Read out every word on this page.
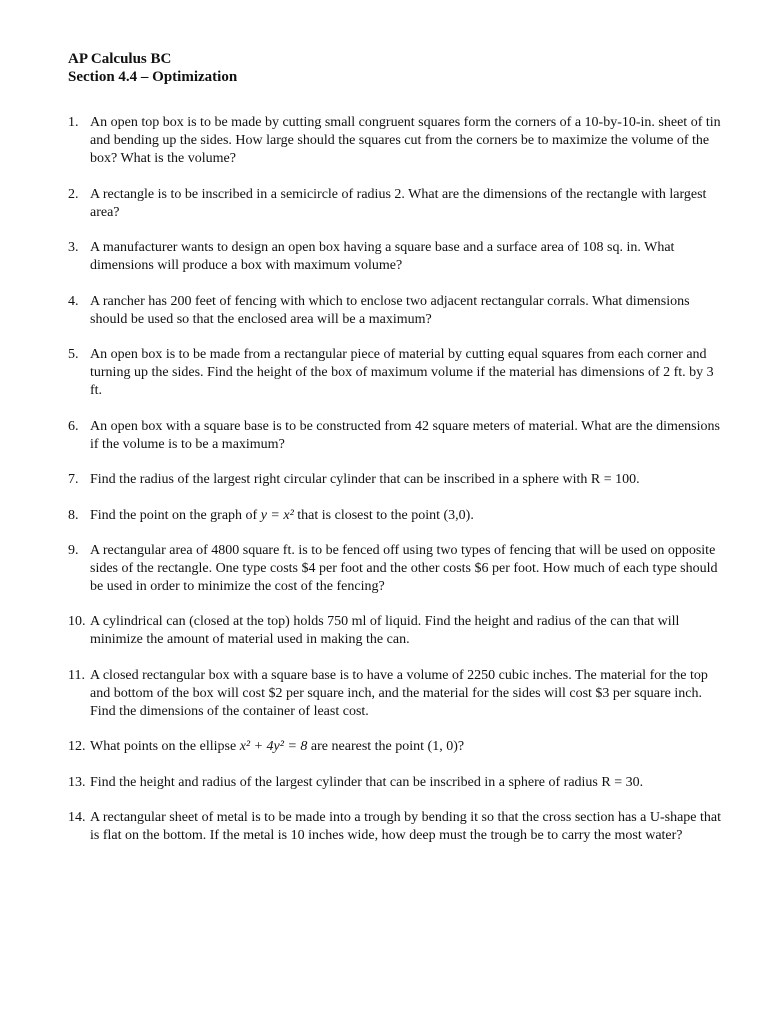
AP Calculus BC
Section 4.4 – Optimization
1. An open top box is to be made by cutting small congruent squares form the corners of a 10-by-10-in. sheet of tin and bending up the sides. How large should the squares cut from the corners be to maximize the volume of the box? What is the volume?
2. A rectangle is to be inscribed in a semicircle of radius 2. What are the dimensions of the rectangle with largest area?
3. A manufacturer wants to design an open box having a square base and a surface area of 108 sq. in. What dimensions will produce a box with maximum volume?
4. A rancher has 200 feet of fencing with which to enclose two adjacent rectangular corrals. What dimensions should be used so that the enclosed area will be a maximum?
5. An open box is to be made from a rectangular piece of material by cutting equal squares from each corner and turning up the sides. Find the height of the box of maximum volume if the material has dimensions of 2 ft. by 3 ft.
6. An open box with a square base is to be constructed from 42 square meters of material. What are the dimensions if the volume is to be a maximum?
7. Find the radius of the largest right circular cylinder that can be inscribed in a sphere with R = 100.
8. Find the point on the graph of y = x² that is closest to the point (3,0).
9. A rectangular area of 4800 square ft. is to be fenced off using two types of fencing that will be used on opposite sides of the rectangle. One type costs $4 per foot and the other costs $6 per foot. How much of each type should be used in order to minimize the cost of the fencing?
10. A cylindrical can (closed at the top) holds 750 ml of liquid. Find the height and radius of the can that will minimize the amount of material used in making the can.
11. A closed rectangular box with a square base is to have a volume of 2250 cubic inches. The material for the top and bottom of the box will cost $2 per square inch, and the material for the sides will cost $3 per square inch. Find the dimensions of the container of least cost.
12. What points on the ellipse x² + 4y² = 8 are nearest the point (1, 0)?
13. Find the height and radius of the largest cylinder that can be inscribed in a sphere of radius R = 30.
14. A rectangular sheet of metal is to be made into a trough by bending it so that the cross section has a U-shape that is flat on the bottom. If the metal is 10 inches wide, how deep must the trough be to carry the most water?
